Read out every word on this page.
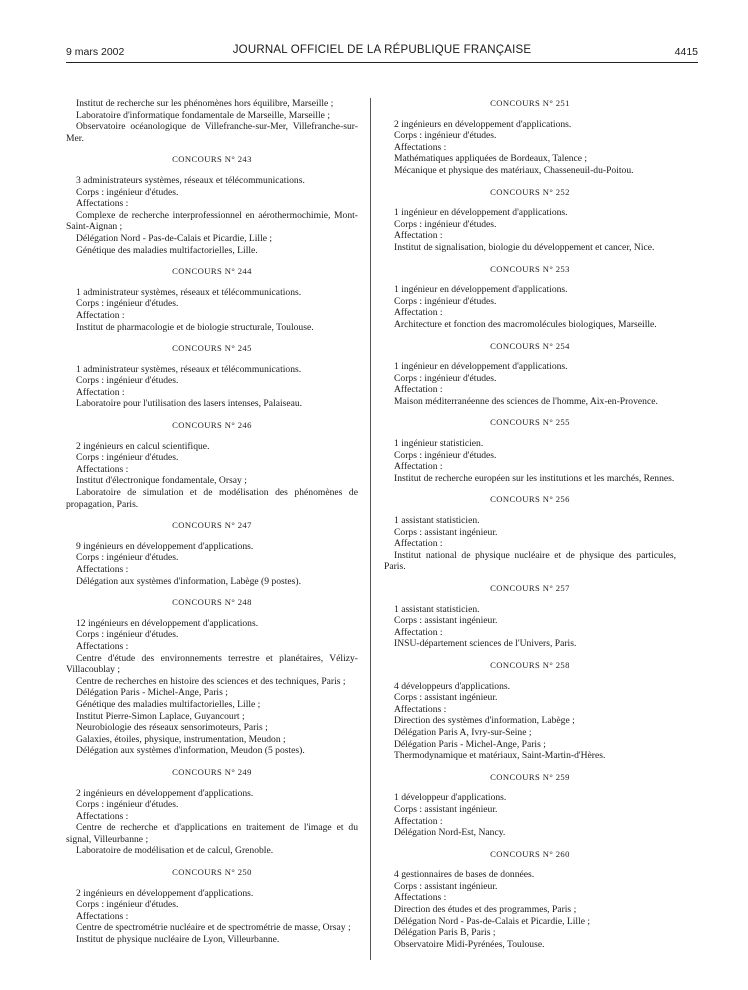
9 mars 2002	JOURNAL OFFICIEL DE LA RÉPUBLIQUE FRANÇAISE	4415

Institut de recherche sur les phénomènes hors équilibre, Marseille ;

Laboratoire d'informatique fondamentale de Marseille, Marseille ;

Observatoire océanologique de Villefranche-sur-Mer, Villefranche-sur-Mer.

CONCOURS N° 243

3 administrateurs systèmes, réseaux et télécommunications.

Corps : ingénieur d'études.

Affectations :

Complexe de recherche interprofessionnel en aérothermochimie, Mont-Saint-Aignan ;

Délégation Nord - Pas-de-Calais et Picardie, Lille ;

Génétique des maladies multifactorielles, Lille.

CONCOURS N° 244

1 administrateur systèmes, réseaux et télécommunications.

Corps : ingénieur d'études.

Affectation :

Institut de pharmacologie et de biologie structurale, Toulouse.

CONCOURS N° 245

1 administrateur systèmes, réseaux et télécommunications.

Corps : ingénieur d'études.

Affectation :

Laboratoire pour l'utilisation des lasers intenses, Palaiseau.

CONCOURS N° 246

2 ingénieurs en calcul scientifique.

Corps : ingénieur d'études.

Affectations :

Institut d'électronique fondamentale, Orsay ;

Laboratoire de simulation et de modélisation des phénomènes de propagation, Paris.

CONCOURS N° 247

9 ingénieurs en développement d'applications.

Corps : ingénieur d'études.

Affectations :

Délégation aux systèmes d'information, Labège (9 postes).

CONCOURS N° 248

12 ingénieurs en développement d'applications.

Corps : ingénieur d'études.

Affectations :

Centre d'étude des environnements terrestre et planétaires, Vélizy-Villacoublay ;

Centre de recherches en histoire des sciences et des techniques, Paris ;

Délégation Paris - Michel-Ange, Paris ;

Génétique des maladies multifactorielles, Lille ;

Institut Pierre-Simon Laplace, Guyancourt ;

Neurobiologie des réseaux sensorimoteurs, Paris ;

Galaxies, étoiles, physique, instrumentation, Meudon ;

Délégation aux systèmes d'information, Meudon (5 postes).

CONCOURS N° 249

2 ingénieurs en développement d'applications.

Corps : ingénieur d'études.

Affectations :

Centre de recherche et d'applications en traitement de l'image et du signal, Villeurbanne ;

Laboratoire de modélisation et de calcul, Grenoble.

CONCOURS N° 250

2 ingénieurs en développement d'applications.

Corps : ingénieur d'études.

Affectations :

Centre de spectrométrie nucléaire et de spectrométrie de masse, Orsay ;

Institut de physique nucléaire de Lyon, Villeurbanne.

CONCOURS N° 251

2 ingénieurs en développement d'applications.

Corps : ingénieur d'études.

Affectations :

Mathématiques appliquées de Bordeaux, Talence ;

Mécanique et physique des matériaux, Chasseneuil-du-Poitou.

CONCOURS N° 252

1 ingénieur en développement d'applications.

Corps : ingénieur d'études.

Affectation :

Institut de signalisation, biologie du développement et cancer, Nice.

CONCOURS N° 253

1 ingénieur en développement d'applications.

Corps : ingénieur d'études.

Affectation :

Architecture et fonction des macromolécules biologiques, Marseille.

CONCOURS N° 254

1 ingénieur en développement d'applications.

Corps : ingénieur d'études.

Affectation :

Maison méditerranéenne des sciences de l'homme, Aix-en-Provence.

CONCOURS N° 255

1 ingénieur statisticien.

Corps : ingénieur d'études.

Affectation :

Institut de recherche européen sur les institutions et les marchés, Rennes.

CONCOURS N° 256

1 assistant statisticien.

Corps : assistant ingénieur.

Affectation :

Institut national de physique nucléaire et de physique des particules, Paris.

CONCOURS N° 257

1 assistant statisticien.

Corps : assistant ingénieur.

Affectation :

INSU-département sciences de l'Univers, Paris.

CONCOURS N° 258

4 développeurs d'applications.

Corps : assistant ingénieur.

Affectations :

Direction des systèmes d'information, Labège ;

Délégation Paris A, Ivry-sur-Seine ;

Délégation Paris - Michel-Ange, Paris ;

Thermodynamique et matériaux, Saint-Martin-d'Hères.

CONCOURS N° 259

1 développeur d'applications.

Corps : assistant ingénieur.

Affectation :

Délégation Nord-Est, Nancy.

CONCOURS N° 260

4 gestionnaires de bases de données.

Corps : assistant ingénieur.

Affectations :

Direction des études et des programmes, Paris ;

Délégation Nord - Pas-de-Calais et Picardie, Lille ;

Délégation Paris B, Paris ;

Observatoire Midi-Pyrénées, Toulouse.
